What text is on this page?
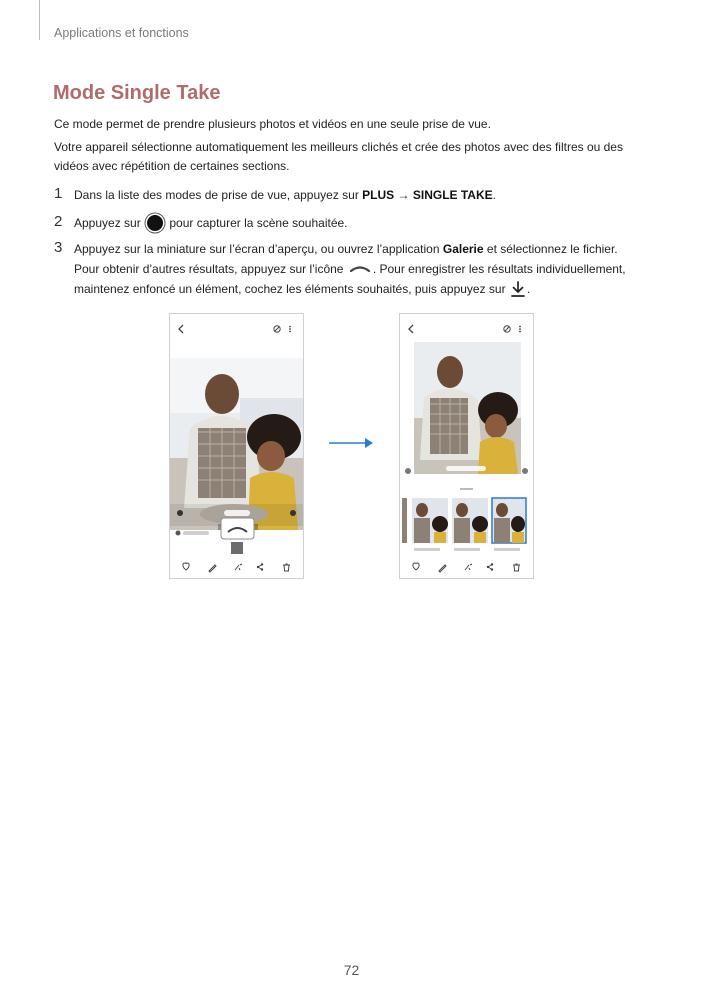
Applications et fonctions
Mode Single Take

Ce mode permet de prendre plusieurs photos et vidéos en une seule prise de vue.

Votre appareil sélectionne automatiquement les meilleurs clichés et crée des photos avec des filtres ou des vidéos avec répétition de certaines sections.

1 Dans la liste des modes de prise de vue, appuyez sur PLUS → SINGLE TAKE.
2 Appuyez sur  pour capturer la scène souhaitée.
3 Appuyez sur la miniature sur l’écran d’aperçu, ou ouvrez l’application Galerie et sélectionnez le fichier.
Pour obtenir d’autres résultats, appuyez sur l’icône . Pour enregistrer les résultats individuellement, maintenez enfoncé un élément, cochez les éléments souhaités, puis appuyez sur .
72
